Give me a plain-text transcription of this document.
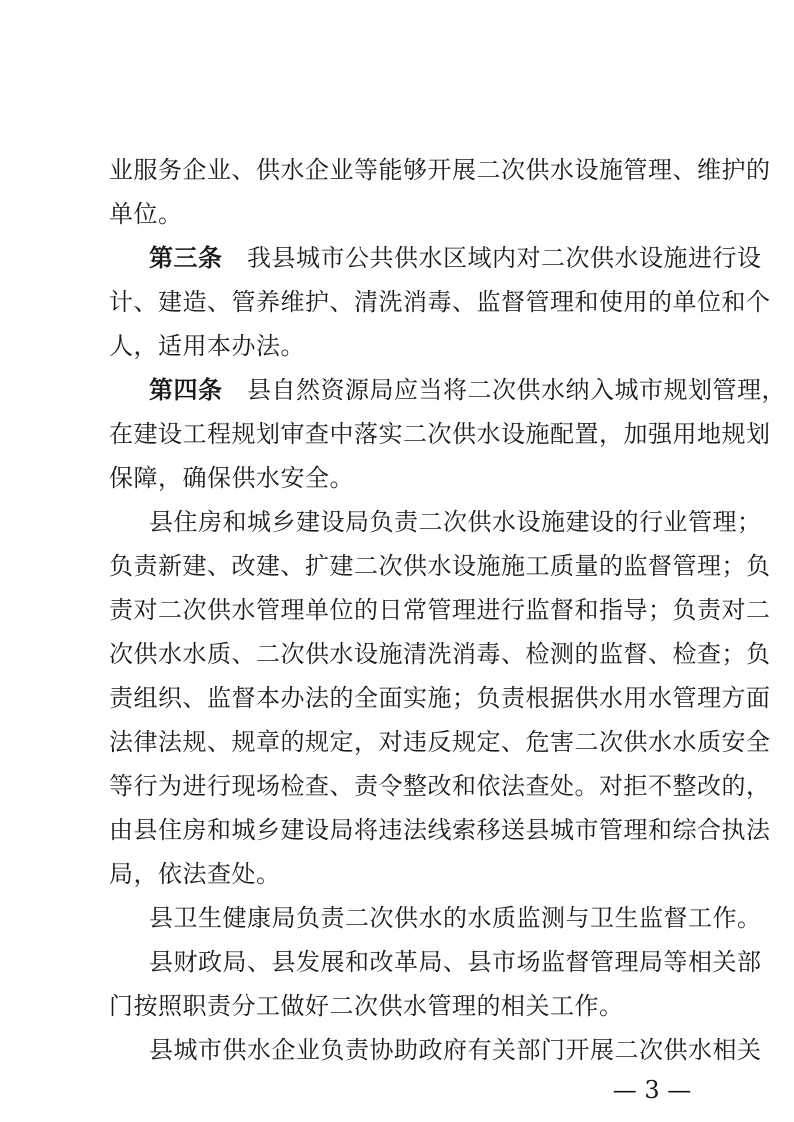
业服务企业、供水企业等能够开展二次供水设施管理、维护的
单位。
第三条　 我县城市公共供水区域内对二次供水设施进行设
计、建造、管养维护、清洗消毒、监督管理和使用的单位和个
人，适用本办法。
第四条　 县自然资源局应当将二次供水纳入城市规划管理，
在建设工程规划审查中落实二次供水设施配置，加强用地规划
保障，确保供水安全。
县住房和城乡建设局负责二次供水设施建设的行业管理；
负责新建、改建、扩建二次供水设施施工质量的监督管理；负
责对二次供水管理单位的日常管理进行监督和指导；负责对二
次供水水质、二次供水设施清洗消毒、检测的监督、检查；负
责组织、监督本办法的全面实施；负责根据供水用水管理方面
法律法规、规章的规定，对违反规定、危害二次供水水质安全
等行为进行现场检查、责令整改和依法查处。对拒不整改的，
由县住房和城乡建设局将违法线索移送县城市管理和综合执法
局，依法查处。
县卫生健康局负责二次供水的水质监测与卫生监督工作。
县财政局、县发展和改革局、县市场监督管理局等相关部
门按照职责分工做好二次供水管理的相关工作。
县城市供水企业负责协助政府有关部门开展二次供水相关
— 3 —
